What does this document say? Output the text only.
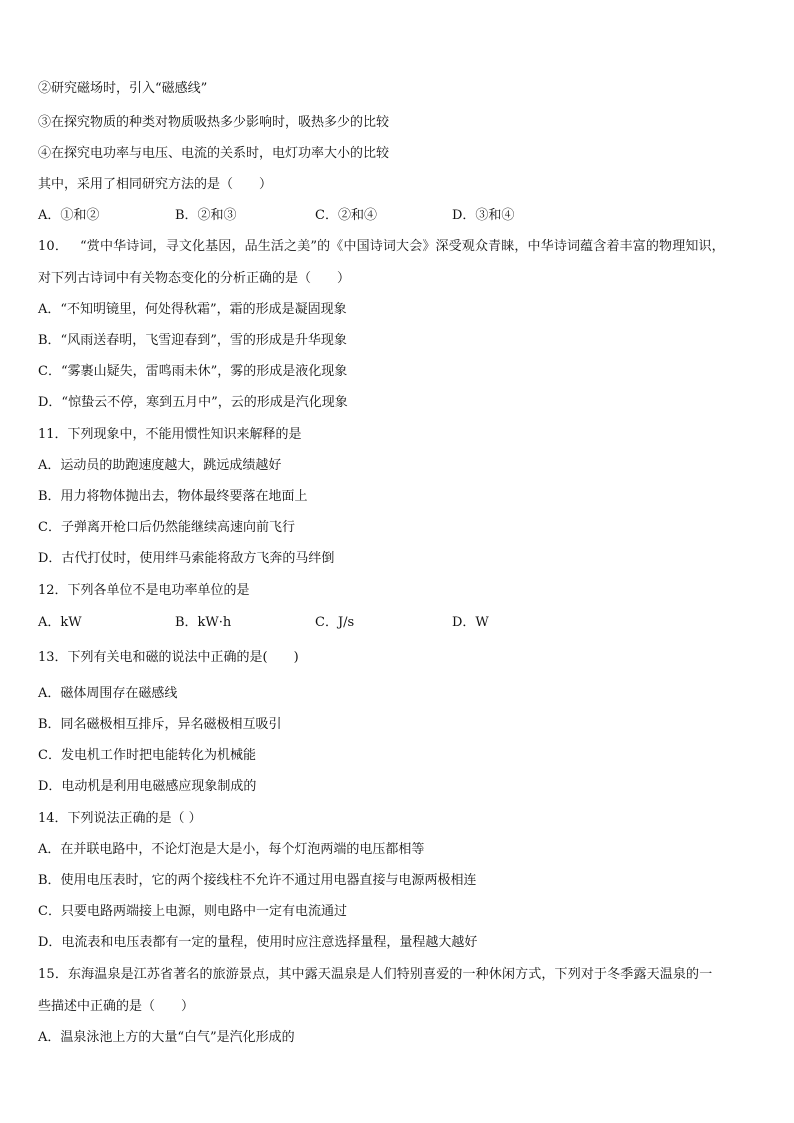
②研究磁场时，引入“磁感线”
③在探究物质的种类对物质吸热多少影响时，吸热多少的比较
④在探究电功率与电压、电流的关系时，电灯功率大小的比较
其中，采用了相同研究方法的是（　　）
A．①和②	B．②和③	C．②和④	D．③和④
10． “赏中华诗词，寻文化基因，品生活之美”的《中国诗词大会》深受观众青睐，中华诗词蕴含着丰富的物理知识，
对下列古诗词中有关物态变化的分析正确的是（　　）
A．“不知明镜里，何处得秋霜”，霜的形成是凝固现象
B．“风雨送春明，飞雪迎春到”，雪的形成是升华现象
C．“雾裹山疑失，雷鸣雨未休”，雾的形成是液化现象
D．“惊蛰云不停，寒到五月中”，云的形成是汽化现象
11．下列现象中，不能用惯性知识来解释的是
A．运动员的助跑速度越大，跳远成绩越好
B．用力将物体抛出去，物体最终要落在地面上
C．子弹离开枪口后仍然能继续高速向前飞行
D．古代打仗时，使用绊马索能将敌方飞奔的马绊倒
12．下列各单位不是电功率单位的是
A．kW	B．kW·h	C．J/s	D．W
13．下列有关电和磁的说法中正确的是(　　)
A．磁体周围存在磁感线
B．同名磁极相互排斥，异名磁极相互吸引
C．发电机工作时把电能转化为机械能
D．电动机是利用电磁感应现象制成的
14．下列说法正确的是（ ）
A．在并联电路中，不论灯泡是大是小，每个灯泡两端的电压都相等
B．使用电压表时，它的两个接线柱不允许不通过用电器直接与电源两极相连
C．只要电路两端接上电源，则电路中一定有电流通过
D．电流表和电压表都有一定的量程，使用时应注意选择量程，量程越大越好
15．东海温泉是江苏省著名的旅游景点，其中露天温泉是人们特别喜爱的一种休闲方式，下列对于冬季露天温泉的一
些描述中正确的是（　　）
A．温泉泳池上方的大量“白气”是汽化形成的
